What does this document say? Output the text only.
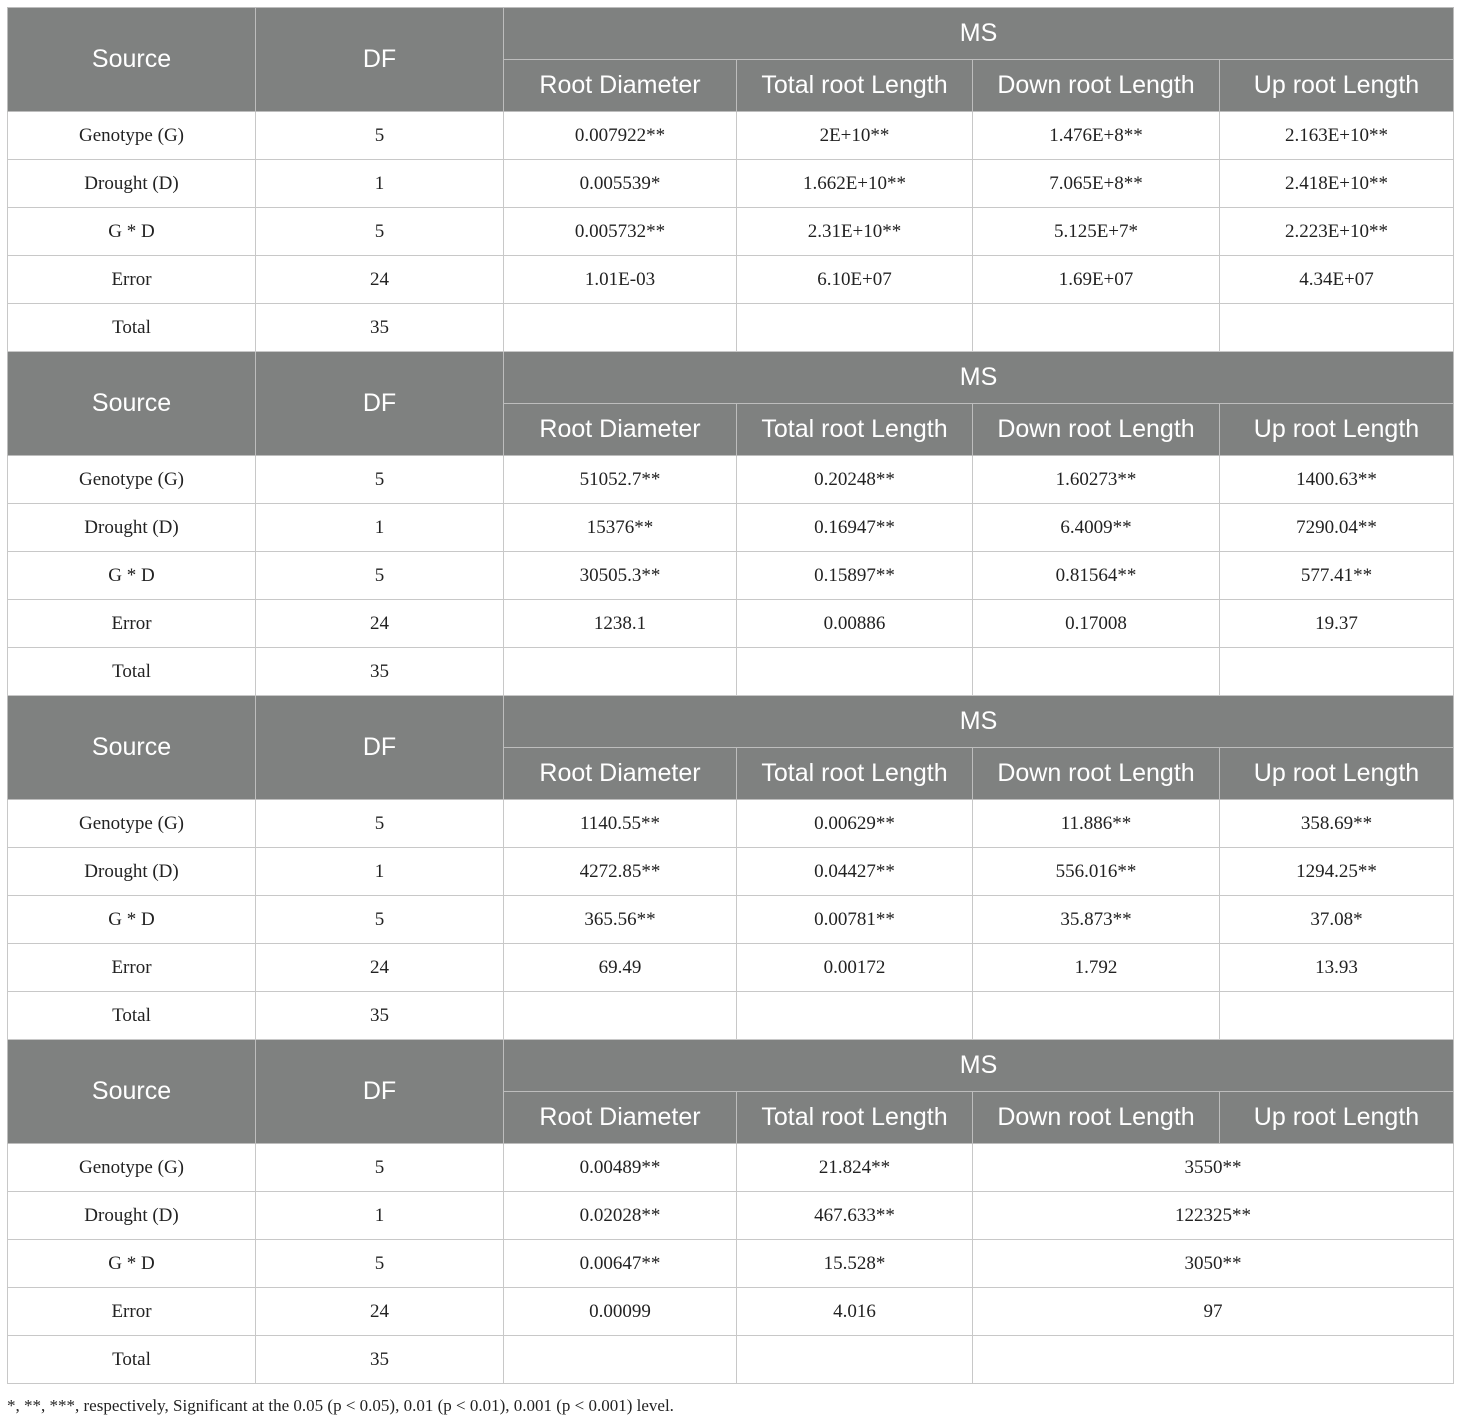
Source	DF	MS			
		Root Diameter	Total root Length	Down root Length	Up root Length
Genotype (G)	5	0.007922**	2E+10**	1.476E+8**	2.163E+10**
Drought (D)	1	0.005539*	1.662E+10**	7.065E+8**	2.418E+10**
G * D	5	0.005732**	2.31E+10**	5.125E+7*	2.223E+10**
Error	24	1.01E-03	6.10E+07	1.69E+07	4.34E+07
Total	35				
Source	DF	MS			
		Root Diameter	Total root Length	Down root Length	Up root Length
Genotype (G)	5	51052.7**	0.20248**	1.60273**	1400.63**
Drought (D)	1	15376**	0.16947**	6.4009**	7290.04**
G * D	5	30505.3**	0.15897**	0.81564**	577.41**
Error	24	1238.1	0.00886	0.17008	19.37
Total	35				
Source	DF	MS			
		Root Diameter	Total root Length	Down root Length	Up root Length
Genotype (G)	5	1140.55**	0.00629**	11.886**	358.69**
Drought (D)	1	4272.85**	0.04427**	556.016**	1294.25**
G * D	5	365.56**	0.00781**	35.873**	37.08*
Error	24	69.49	0.00172	1.792	13.93
Total	35				
Source	DF	MS			
		Root Diameter	Total root Length	Down root Length	Up root Length
Genotype (G)	5	0.00489**	21.824**	3550**	
Drought (D)	1	0.02028**	467.633**	122325**	
G * D	5	0.00647**	15.528*	3050**	
Error	24	0.00099	4.016	97	
Total	35				
*, **, ***, respectively, Significant at the 0.05 (p < 0.05), 0.01 (p < 0.01), 0.001 (p < 0.001) level.
